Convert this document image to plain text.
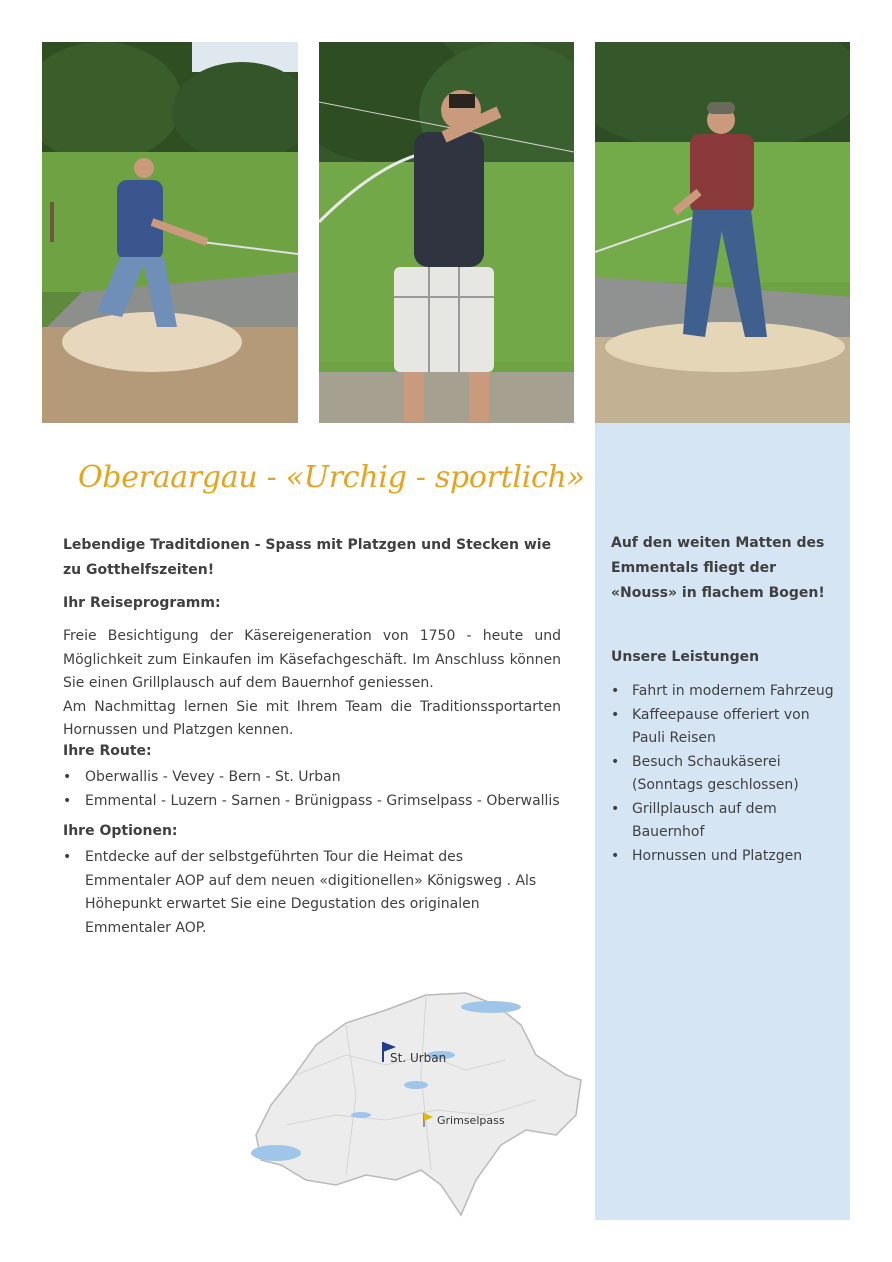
Auf den weiten Matten des Emmentals fliegt der «Nouss» in flachem Bogen!

Unsere Leistungen
• Fahrt in modernem Fahrzeug
• Kaffeepause offeriert von Pauli Reisen
• Besuch Schaukäserei (Sonntags geschlossen)
• Grillplausch auf dem Bauernhof
• Hornussen und Platzgen
Oberaargau - «Urchig - sportlich»

Lebendige Traditdionen - Spass mit Platzgen und Stecken wie zu Gotthelfszeiten!

Ihr Reiseprogramm:

Freie Besichtigung der Käsereigeneration von 1750 - heute und Möglichkeit zum Einkaufen im Käsefachgeschäft. Im Anschluss können Sie einen Grillplausch auf dem Bauernhof geniessen.
Am Nachmittag lernen Sie mit Ihrem Team die Traditionssportarten Hornussen und Platzgen kennen.

Ihre Route:

• Oberwallis - Vevey - Bern - St. Urban
• Emmental - Luzern - Sarnen - Brünigpass - Grimselpass - Oberwallis

Ihre Optionen:

• Entdecke auf der selbstgeführten Tour die Heimat des Emmentaler AOP auf dem neuen «digitionellen» Königsweg . Als Höhepunkt erwartet Sie eine Degustation des originalen Emmentaler AOP.
St. Urban
Grimselpass
